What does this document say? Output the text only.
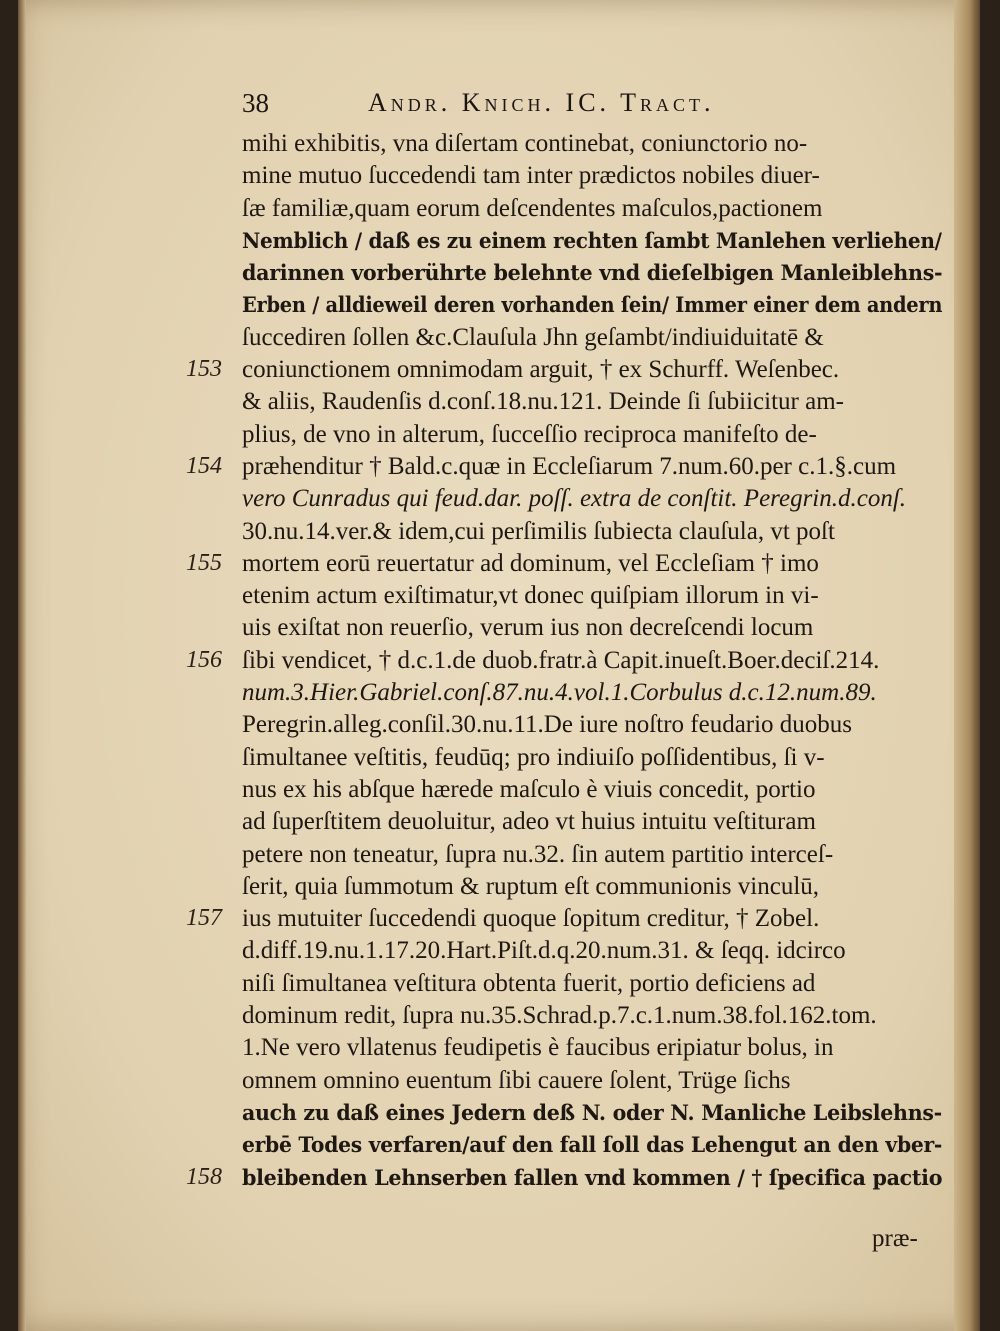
38	Andr. Knich. IC. Tract.
mihi exhibitis, vna diſertam continebat, coniunctorio no-
mine mutuo ſuccedendi tam inter prædictos nobiles diuer-
ſæ familiæ,quam eorum deſcendentes maſculos,pactionem
Nemblich / daß es zu einem rechten ſambt Manlehen verliehen/
darinnen vorberührte belehnte vnd dieſelbigen Manleiblehns-
Erben / alldieweil deren vorhanden ſein/ Immer einer dem andern
ſuccediren ſollen &c.Clauſula Jhn geſambt/indiuiduitatē &
coniunctionem omnimodam arguit, † ex Schurff. Weſenbec.
& aliis, Raudenſis d.conſ.18.nu.121. Deinde ſi ſubiicitur am-
plius, de vno in alterum, ſucceſſio reciproca manifeſto de-
præhenditur † Bald.c.quæ in Eccleſiarum 7.num.60.per c.1.§.cum
vero Cunradus qui feud.dar. poſſ. extra de conſtit. Peregrin.d.conſ.
30.nu.14.ver.& idem,cui perſimilis ſubiecta clauſula, vt poſt
mortem eorū reuertatur ad dominum, vel Eccleſiam † imo
etenim actum exiſtimatur,vt donec quiſpiam illorum in vi-
uis exiſtat non reuerſio, verum ius non decreſcendi locum
ſibi vendicet, † d.c.1.de duob.fratr.à Capit.inueſt.Boer.deciſ.214.
num.3.Hier.Gabriel.conſ.87.nu.4.vol.1.Corbulus d.c.12.num.89.
Peregrin.alleg.conſil.30.nu.11.De iure noſtro feudario duobus
ſimultanee veſtitis, feudūq; pro indiuiſo poſſidentibus, ſi v-
nus ex his abſque hærede maſculo è viuis concedit, portio
ad ſuperſtitem deuoluitur, adeo vt huius intuitu veſtituram
petere non teneatur, ſupra nu.32. ſin autem partitio interceſ-
ſerit, quia ſummotum & ruptum eſt communionis vinculū,
ius mutuiter ſuccedendi quoque ſopitum creditur, † Zobel.
d.diff.19.nu.1.17.20.Hart.Piſt.d.q.20.num.31. & ſeqq. idcirco
niſi ſimultanea veſtitura obtenta fuerit, portio deficiens ad
dominum redit, ſupra nu.35.Schrad.p.7.c.1.num.38.fol.162.tom.
1.Ne vero vllatenus feudipetis è faucibus eripiatur bolus, in
omnem omnino euentum ſibi cauere ſolent, Trüge ſichs
auch zu daß eines Jedern deß N. oder N. Manliche Leibslehns-
erbē Todes verfaren/auf den fall ſoll das Lehengut an den vber-
bleibenden Lehnserben fallen vnd kommen / † ſpecifica pactio
153
154
155
156
157
158
præ-
